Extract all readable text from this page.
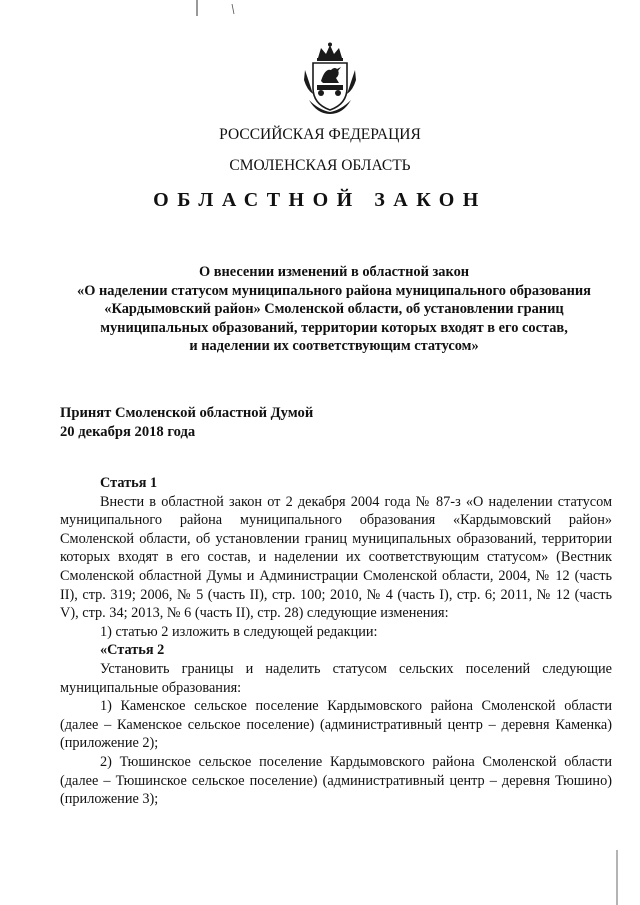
РОССИЙСКАЯ ФЕДЕРАЦИЯ
СМОЛЕНСКАЯ ОБЛАСТЬ
ОБЛАСТНОЙ ЗАКОН
О внесении изменений в областной закон
«О наделении статусом муниципального района муниципального образования
«Кардымовский район» Смоленской области, об установлении границ
муниципальных образований, территории которых входят в его состав,
и наделении их соответствующим статусом»
Принят Смоленской областной Думой
20 декабря 2018 года

Статья 1

Внести в областной закон от 2 декабря 2004 года № 87-з «О наделении статусом муниципального района муниципального образования «Кардымовский район» Смоленской области, об установлении границ муниципальных образований, территории которых входят в его состав, и наделении их соответствующим статусом» (Вестник Смоленской областной Думы и Администрации Смоленской области, 2004, № 12 (часть II), стр. 319; 2006, № 5 (часть II), стр. 100; 2010, № 4 (часть I), стр. 6; 2011, № 12 (часть V), стр. 34; 2013, № 6 (часть II), стр. 28) следующие изменения:

1) статью 2 изложить в следующей редакции:

«Статья 2

Установить границы и наделить статусом сельских поселений следующие муниципальные образования:

1) Каменское сельское поселение Кардымовского района Смоленской области (далее – Каменское сельское поселение) (административный центр – деревня Каменка) (приложение 2);

2) Тюшинское сельское поселение Кардымовского района Смоленской области (далее – Тюшинское сельское поселение) (административный центр – деревня Тюшино) (приложение 3);
